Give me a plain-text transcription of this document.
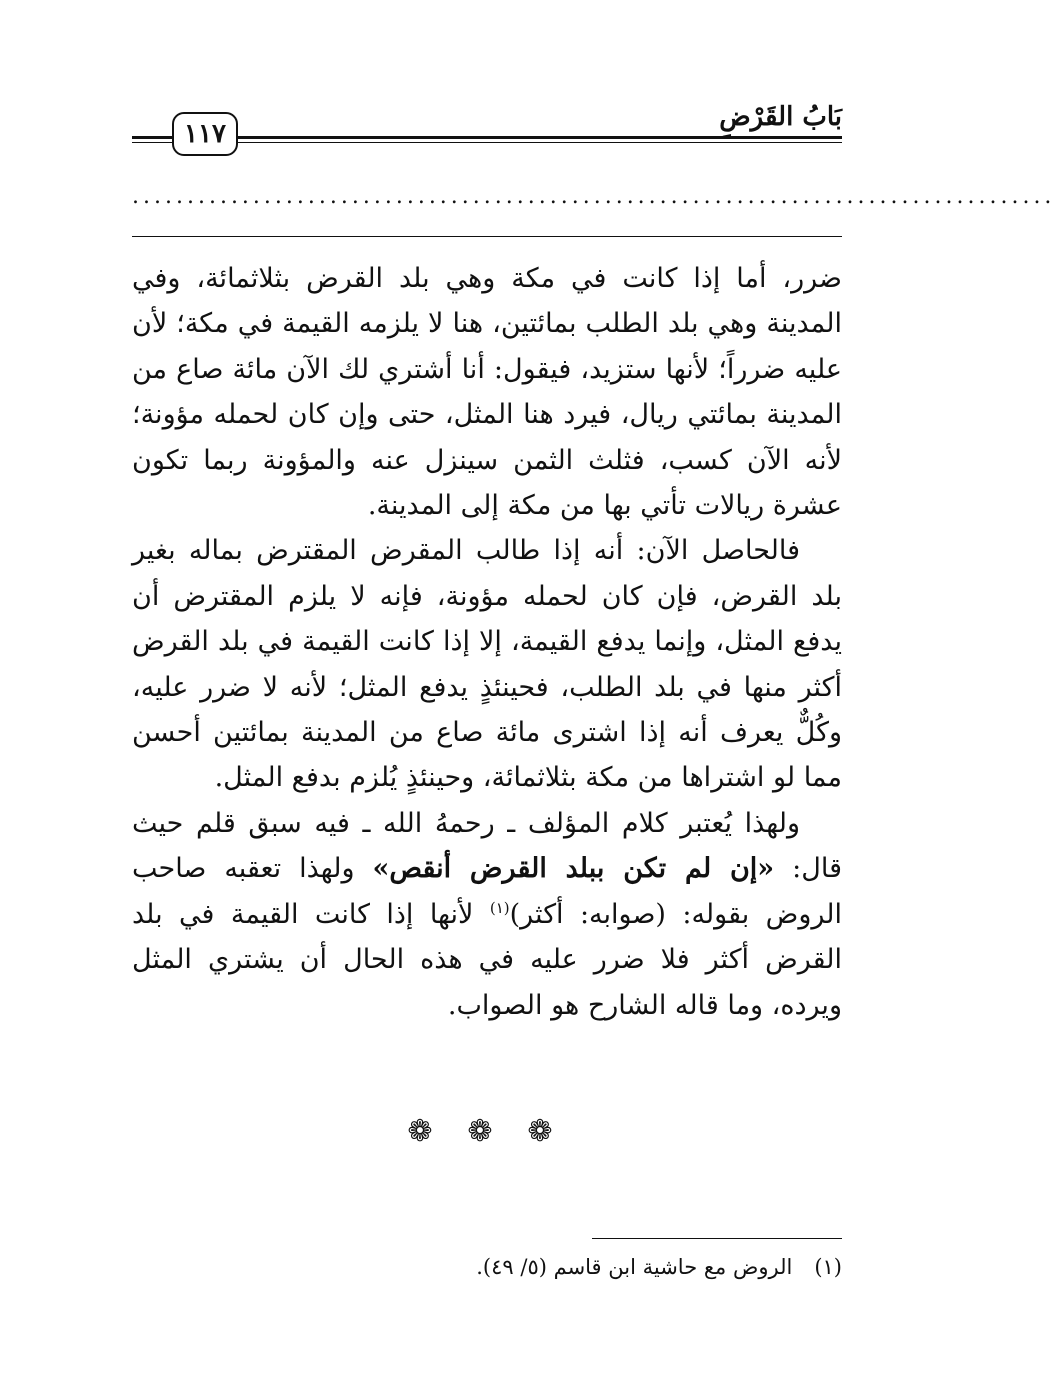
١١٧
بَابُ القَرْضِ
....................................................................................

ضرر، أما إذا كانت في مكة وهي بلد القرض بثلاثمائة، وفي المدينة وهي بلد الطلب بمائتين، هنا لا يلزمه القيمة في مكة؛ لأن عليه ضرراً؛ لأنها ستزيد، فيقول: أنا أشتري لك الآن مائة صاع من المدينة بمائتي ريال، فيرد هنا المثل، حتى وإن كان لحمله مؤونة؛ لأنه الآن كسب، فثلث الثمن سينزل عنه والمؤونة ربما تكون عشرة ريالات تأتي بها من مكة إلى المدينة.

فالحاصل الآن: أنه إذا طالب المقرض المقترض بماله بغير بلد القرض، فإن كان لحمله مؤونة، فإنه لا يلزم المقترض أن يدفع المثل، وإنما يدفع القيمة، إلا إذا كانت القيمة في بلد القرض أكثر منها في بلد الطلب، فحينئذٍ يدفع المثل؛ لأنه لا ضرر عليه، وكُلٌّ يعرف أنه إذا اشترى مائة صاع من المدينة بمائتين أحسن مما لو اشتراها من مكة بثلاثمائة، وحينئذٍ يُلزم بدفع المثل.

ولهذا يُعتبر كلام المؤلف ـ رحمهُ الله ـ فيه سبق قلم حيث قال: «إن لم تكن ببلد القرض أنقص» ولهذا تعقبه صاحب الروض بقوله: (صوابه: أكثر)$^{(١)}$ لأنها إذا كانت القيمة في بلد القرض أكثر فلا ضرر عليه في هذه الحال أن يشتري المثل ويرده، وما قاله الشارح هو الصواب.

❁ ❁ ❁
(١)الروض مع حاشية ابن قاسم (٥/ ٤٩).
